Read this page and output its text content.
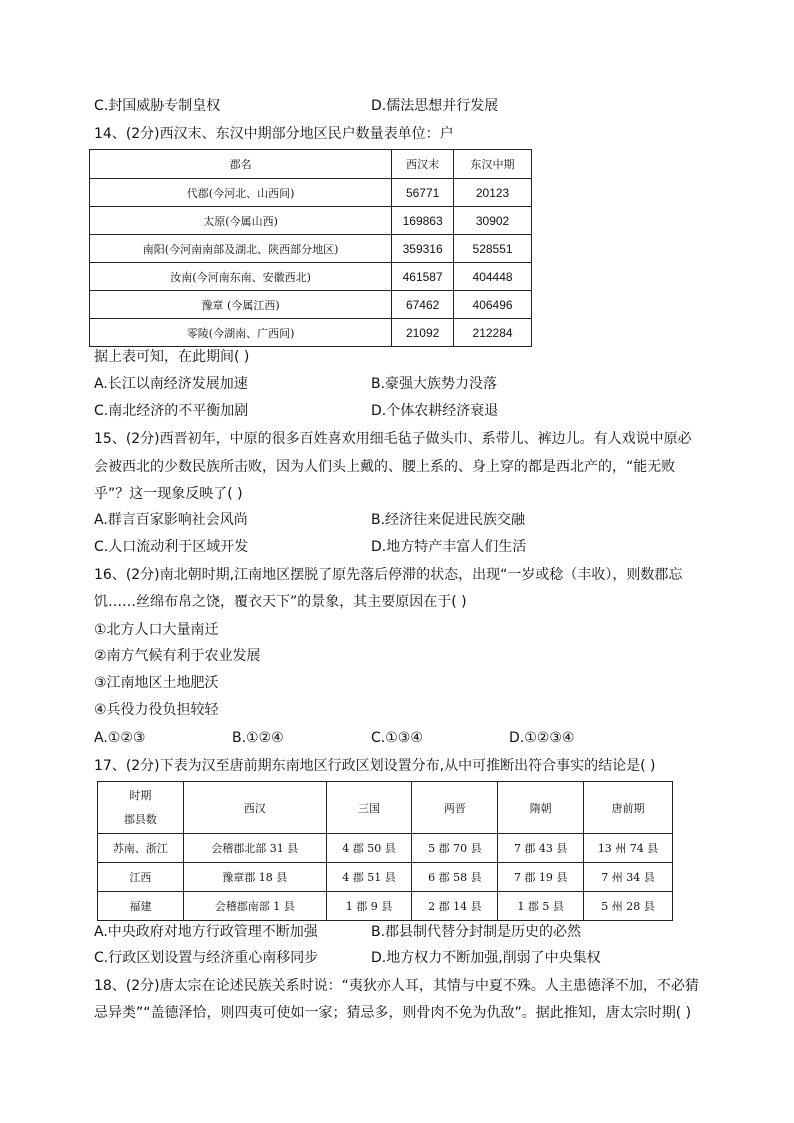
C.封国威胁专制皇权	D.儒法思想并行发展
14、(2分)西汉末、东汉中期部分地区民户数量表单位：户
郡名	西汉末	东汉中期
代郡(今河北、山西间)	56771	20123
太原(今属山西)	169863	30902
南阳(今河南南部及湖北、陕西部分地区)	359316	528551
汝南(今河南东南、安徽西北)	461587	404448
豫章 (今属江西)	67462	406496
零陵(今湖南、广西间)	21092	212284
据上表可知，在此期间( )
A.长江以南经济发展加速	B.豪强大族势力没落
C.南北经济的不平衡加剧	D.个体农耕经济衰退
15、(2分)西晋初年，中原的很多百姓喜欢用细毛毡子做头巾、系带儿、裤边儿。有人戏说中原必
会被西北的少数民族所击败，因为人们头上戴的、腰上系的、身上穿的都是西北产的，“能无败
乎”？这一现象反映了( )
A.群言百家影响社会风尚	B.经济往来促进民族交融
C.人口流动利于区域开发	D.地方特产丰富人们生活
16、(2分)南北朝时期,江南地区摆脱了原先落后停滞的状态，出现“一岁或稔（丰收），则数郡忘
饥……丝绵布帛之饶，覆衣天下”的景象，其主要原因在于( )
①北方人口大量南迁
②南方气候有利于农业发展
③江南地区土地肥沃
④兵役力役负担较轻
A.①②③	B.①②④	C.①③④	D.①②③④
17、(2分)下表为汉至唐前期东南地区行政区划设置分布,从中可推断出符合事实的结论是( )
时期
郡县数	西汉	三国	两晋	隋朝	唐前期
苏南、浙江	会稽郡北部 31 县	4 郡 50 县	5 郡 70 县	7 郡 43 县	13 州 74 县
江西	豫章郡 18 县	4 郡 51 县	6 郡 58 县	7 郡 19 县	7 州 34 县
福建	会稽郡南部 1 县	1 郡 9 县	2 郡 14 县	1 郡 5 县	5 州 28 县
A.中央政府对地方行政管理不断加强	B.郡县制代替分封制是历史的必然
C.行政区划设置与经济重心南移同步	D.地方权力不断加强,削弱了中央集权
18、(2分)唐太宗在论述民族关系时说：“夷狄亦人耳，其情与中夏不殊。人主患德泽不加，不必猜
忌异类”“盖德泽恰，则四夷可使如一家；猜忌多，则骨肉不免为仇敌”。据此推知，唐太宗时期( )
